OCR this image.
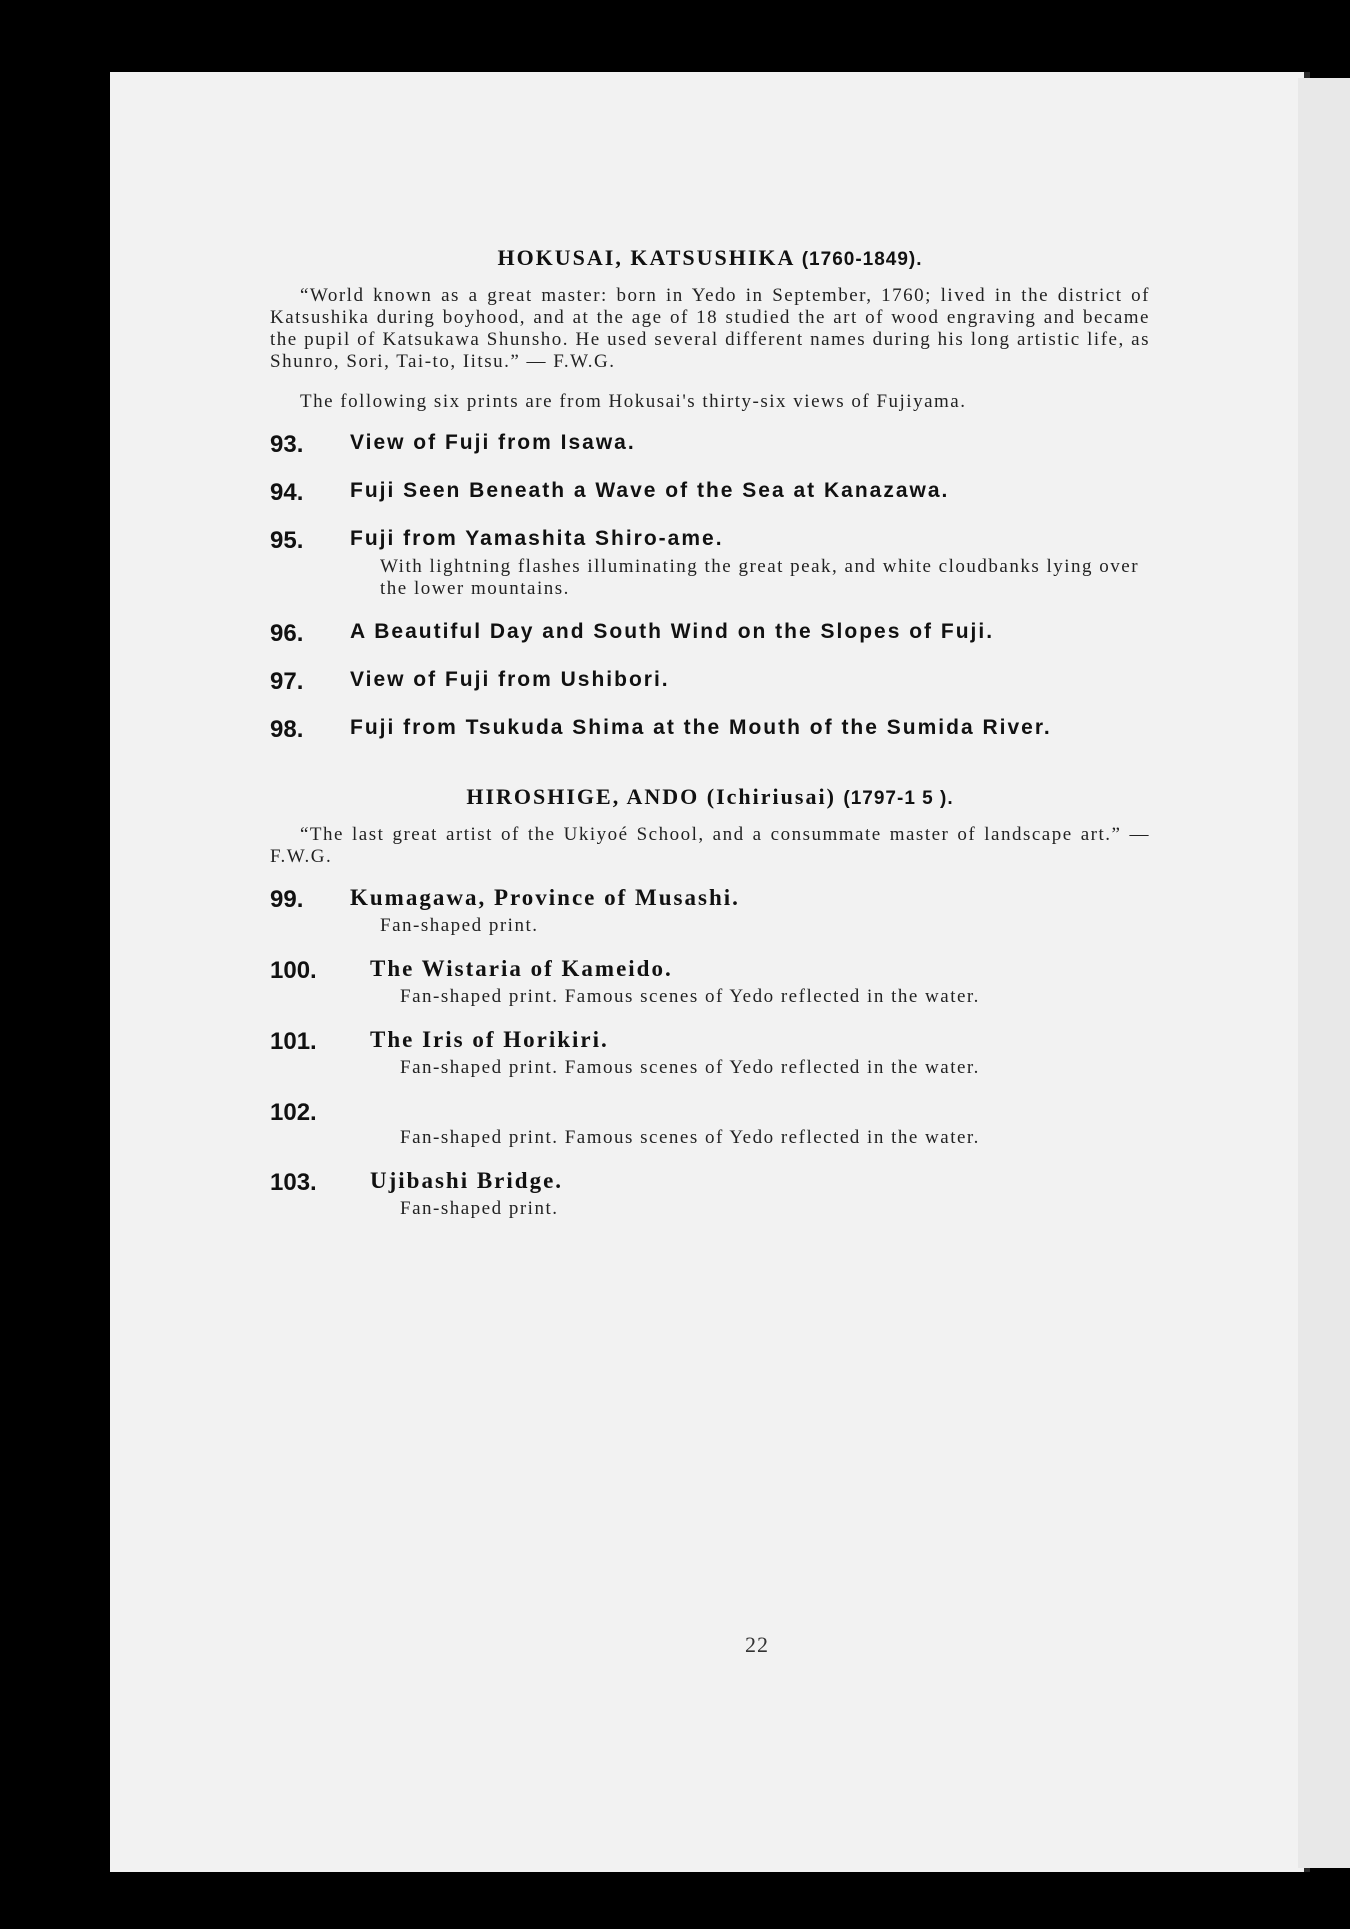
HOKUSAI, KATSUSHIKA (1760-1849).

“World known as a great master: born in Yedo in September, 1760; lived in the district of Katsushika during boyhood, and at the age of 18 studied the art of wood engraving and became the pupil of Katsukawa Shunsho. He used several different names during his long artistic life, as Shunro, Sori, Tai-to, Iitsu.” — F.W.G.

The following six prints are from Hokusai's thirty-six views of Fujiyama.

93.	View of Fuji from Isawa.
94.	Fuji Seen Beneath a Wave of the Sea at Kanazawa.
95.	Fuji from Yamashita Shiro-ame.
With lightning flashes illuminating the great peak, and white cloudbanks lying over the lower mountains.
96.	A Beautiful Day and South Wind on the Slopes of Fuji.
97.	View of Fuji from Ushibori.
98.	Fuji from Tsukuda Shima at the Mouth of the Sumida River.
HIROSHIGE, ANDO (Ichiriusai) (1797-1 5 ).

“The last great artist of the Ukiyoé School, and a consummate master of landscape art.” — F.W.G.

99.	Kumagawa, Province of Musashi.
Fan-shaped print.
100.	The Wistaria of Kameido.
Fan-shaped print. Famous scenes of Yedo reflected in the water.
101.	The Iris of Horikiri.
Fan-shaped print. Famous scenes of Yedo reflected in the water.
102.
Fan-shaped print. Famous scenes of Yedo reflected in the water.
103.	Ujibashi Bridge.
Fan-shaped print.
22
